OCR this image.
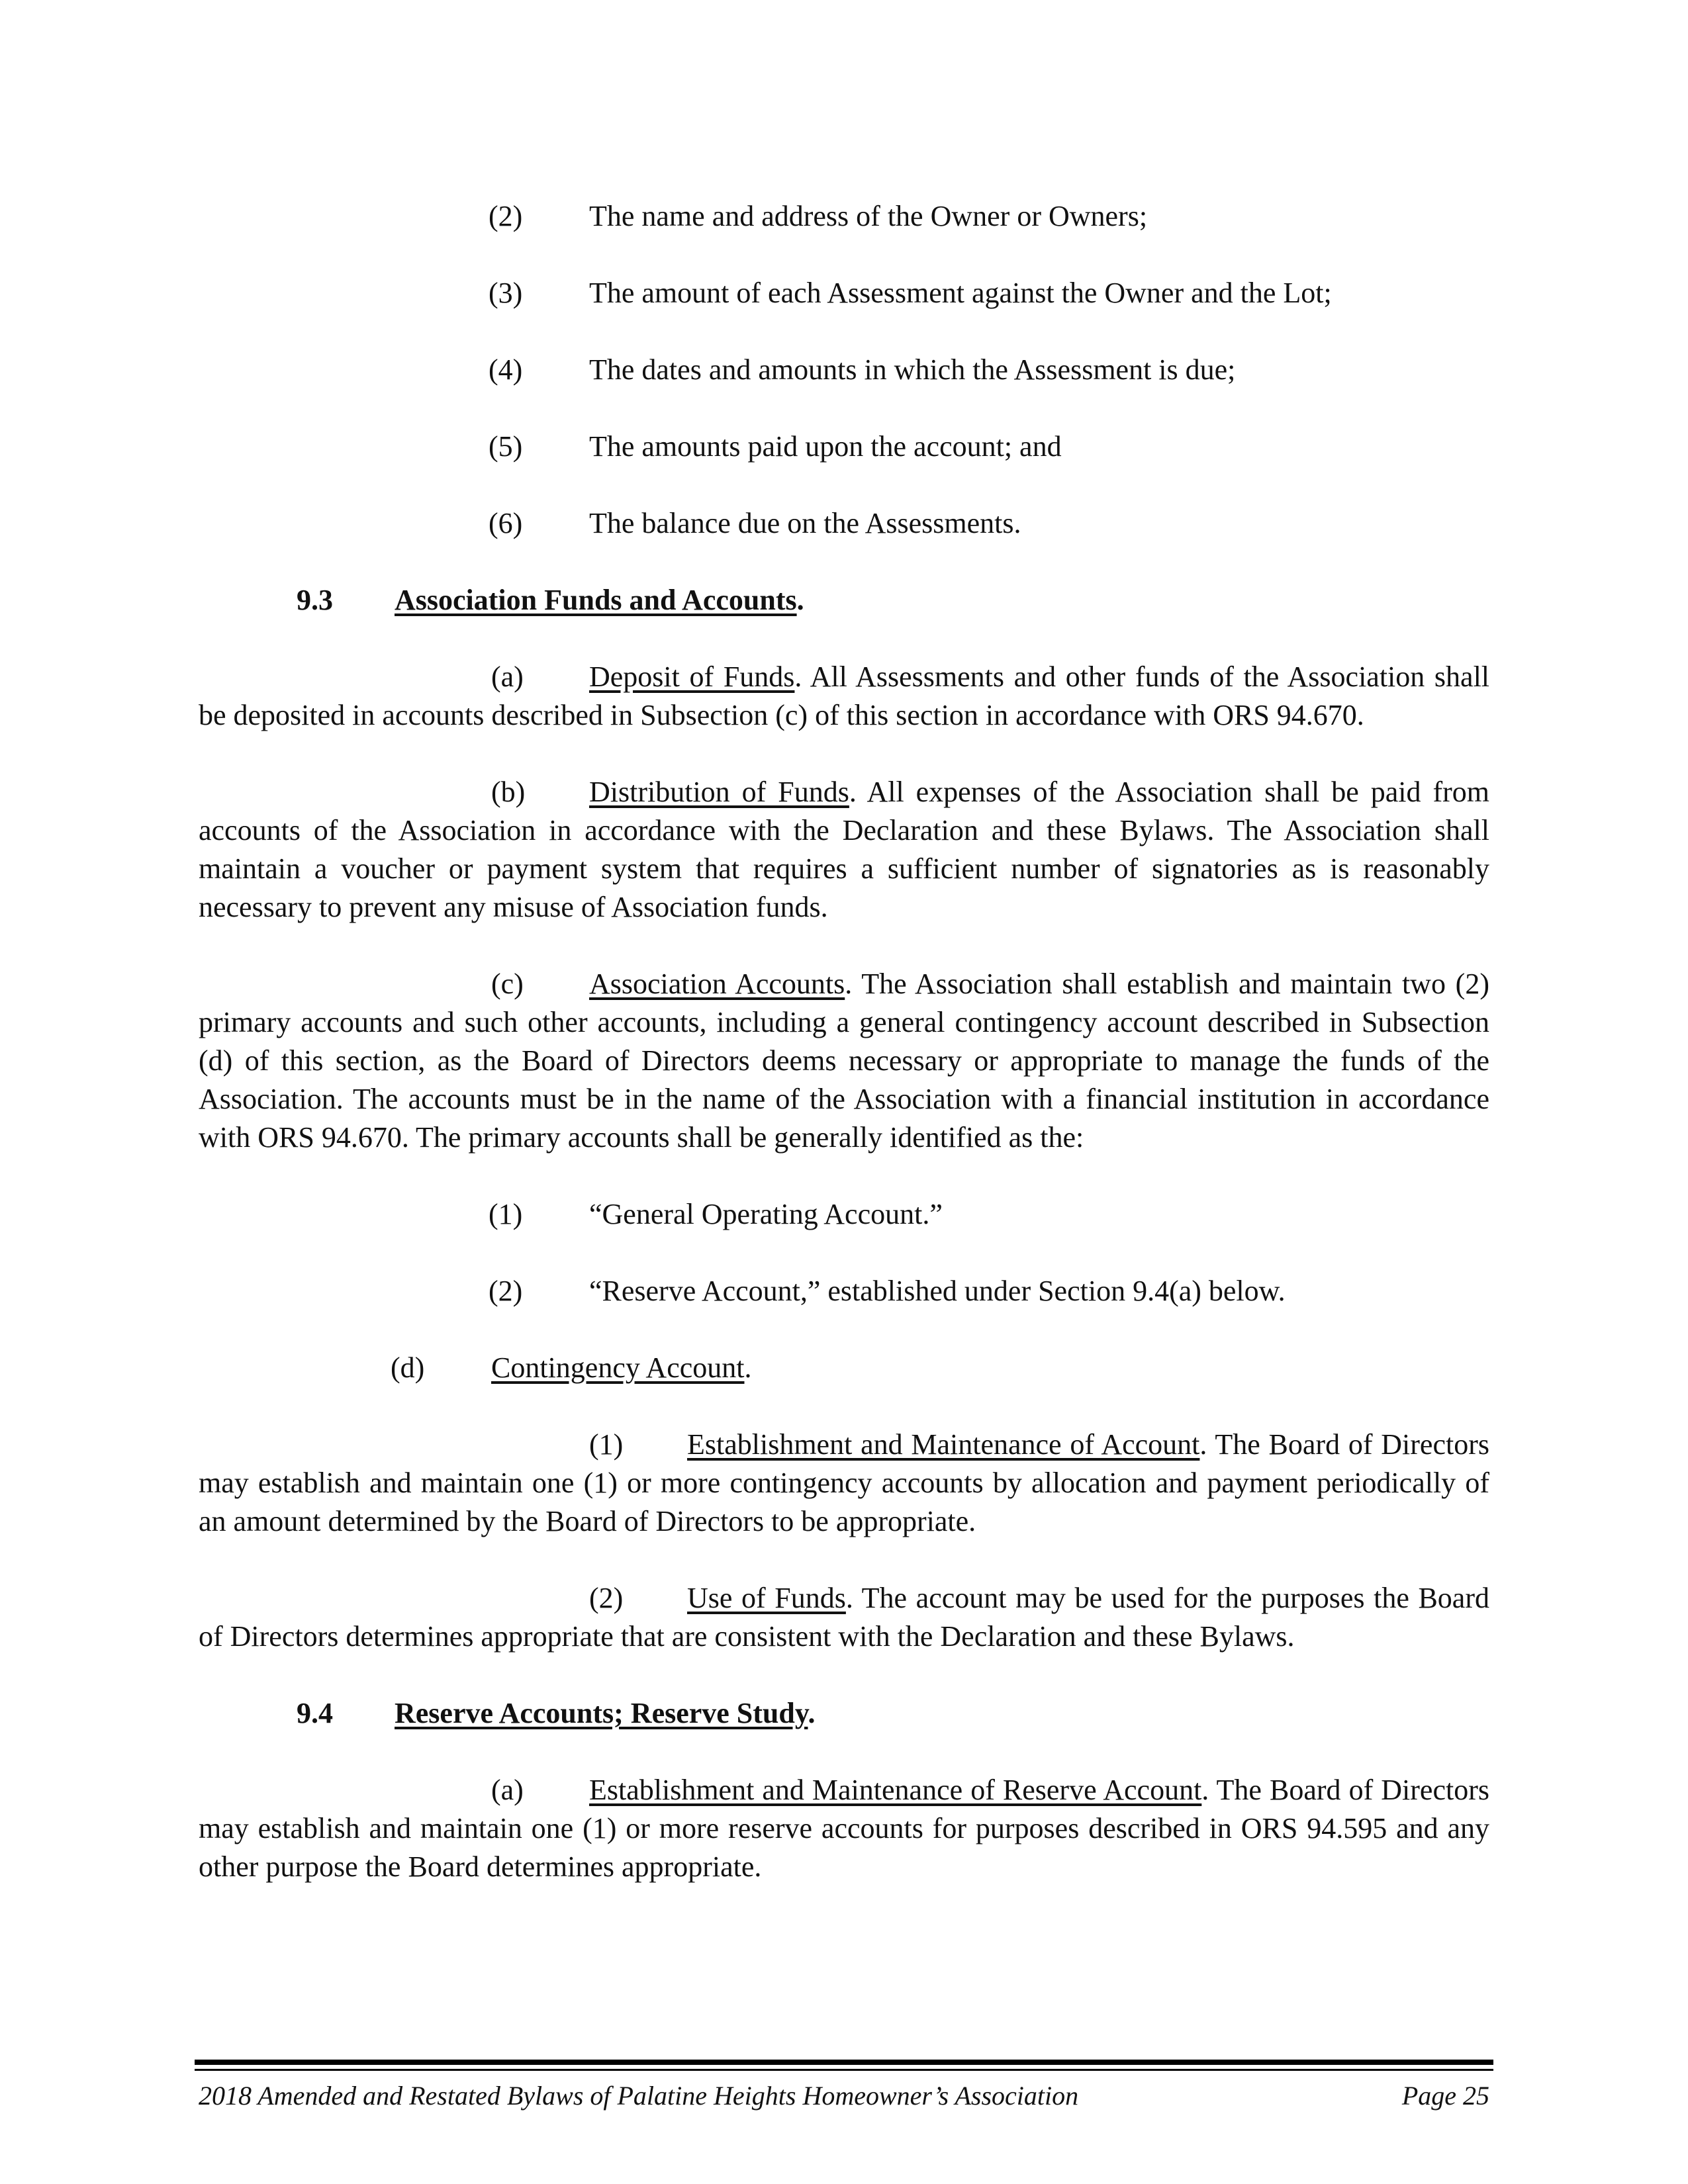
(2) The name and address of the Owner or Owners;
(3) The amount of each Assessment against the Owner and the Lot;
(4) The dates and amounts in which the Assessment is due;
(5) The amounts paid upon the account; and
(6) The balance due on the Assessments.
9.3 Association Funds and Accounts.

(a) Deposit of Funds. All Assessments and other funds of the Association shall be deposited in accounts described in Subsection (c) of this section in accordance with ORS 94.670.

(b) Distribution of Funds. All expenses of the Association shall be paid from accounts of the Association in accordance with the Declaration and these Bylaws. The Association shall maintain a voucher or payment system that requires a sufficient number of signatories as is reasonably necessary to prevent any misuse of Association funds.

(c) Association Accounts. The Association shall establish and maintain two (2) primary accounts and such other accounts, including a general contingency account described in Subsection (d) of this section, as the Board of Directors deems necessary or appropriate to manage the funds of the Association. The accounts must be in the name of the Association with a financial institution in accordance with ORS 94.670. The primary accounts shall be generally identified as the:

(1) “General Operating Account.”
(2) “Reserve Account,” established under Section 9.4(a) below.
(d) Contingency Account.

(1) Establishment and Maintenance of Account. The Board of Directors may establish and maintain one (1) or more contingency accounts by allocation and payment periodically of an amount determined by the Board of Directors to be appropriate.

(2) Use of Funds. The account may be used for the purposes the Board of Directors determines appropriate that are consistent with the Declaration and these Bylaws.

9.4 Reserve Accounts; Reserve Study.

(a) Establishment and Maintenance of Reserve Account. The Board of Directors may establish and maintain one (1) or more reserve accounts for purposes described in ORS 94.595 and any other purpose the Board determines appropriate.

2018 Amended and Restated Bylaws of Palatine Heights Homeowner’s Association	Page 25
